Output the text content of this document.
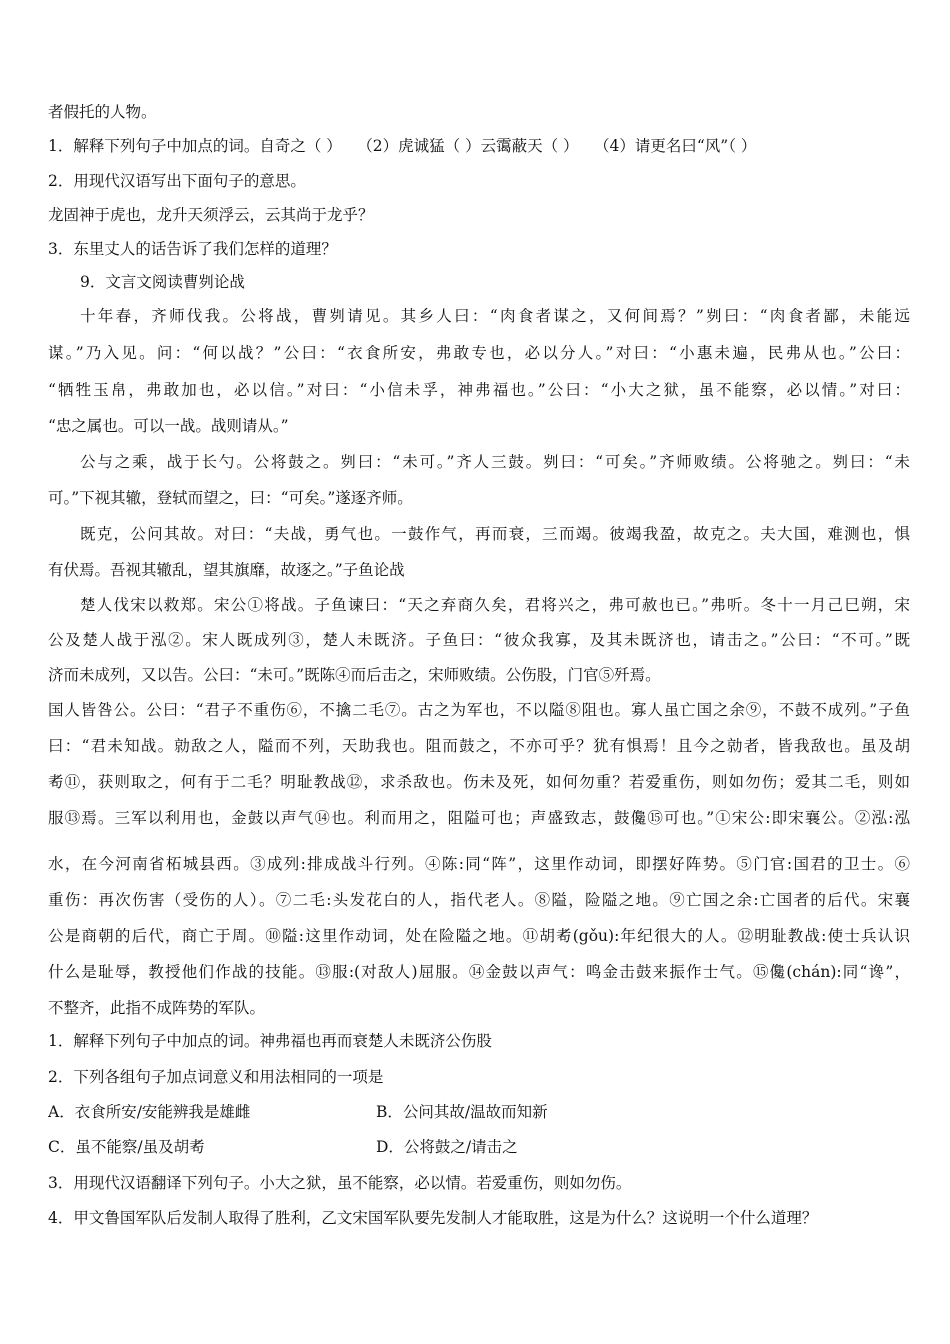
者假托的人物。

1．解释下列句子中加点的词。自奇之（ ）　　（2）虎诚猛（ ）云霭蔽天（ ）　　（4）请更名曰“风”（ ）

2．用现代汉语写出下面句子的意思。

龙固神于虎也，龙升天须浮云，云其尚于龙乎？

3．东里丈人的话告诉了我们怎样的道理？

9．文言文阅读曹刿论战

十年春，齐师伐我。公将战，曹刿请见。其乡人曰：“肉食者谋之，又何间焉？”刿曰：“肉食者鄙，未能远

谋。”乃入见。问：“何以战？”公曰：“衣食所安，弗敢专也，必以分人。”对曰：“小惠未遍，民弗从也。”公曰：

“牺牲玉帛，弗敢加也，必以信。”对曰：“小信未孚，神弗福也。”公曰：“小大之狱，虽不能察，必以情。”对曰：

“忠之属也。可以一战。战则请从。”

公与之乘，战于长勺。公将鼓之。刿曰：“未可。”齐人三鼓。刿曰：“可矣。”齐师败绩。公将驰之。刿曰：“未

可。”下视其辙，登轼而望之，曰：“可矣。”遂逐齐师。

既克，公问其故。对曰：“夫战，勇气也。一鼓作气，再而衰，三而竭。彼竭我盈，故克之。夫大国，难测也，惧

有伏焉。吾视其辙乱，望其旗靡，故逐之。”子鱼论战

楚人伐宋以救郑。宋公①将战。子鱼谏曰：“天之弃商久矣，君将兴之，弗可赦也已。”弗听。冬十一月己巳朔，宋

公及楚人战于泓②。宋人既成列③，楚人未既济。子鱼曰：“彼众我寡，及其未既济也，请击之。”公曰：“不可。”既

济而未成列，又以告。公曰：“未可。”既陈④而后击之，宋师败绩。公伤股，门官⑤歼焉。

国人皆咎公。公曰：“君子不重伤⑥，不擒二毛⑦。古之为军也，不以隘⑧阻也。寡人虽亡国之余⑨，不鼓不成列。”子鱼

曰：“君未知战。勍敌之人，隘而不列，天助我也。阻而鼓之，不亦可乎？犹有惧焉！且今之勍者，皆我敌也。虽及胡

耇⑪，获则取之，何有于二毛？明耻教战⑫，求杀敌也。伤未及死，如何勿重？若爱重伤，则如勿伤；爱其二毛，则如

服⑬焉。三军以利用也，金鼓以声气⑭也。利而用之，阻隘可也；声盛致志，鼓儳⑮可也。”①宋公:即宋襄公。②泓:泓

水，在今河南省柘城县西。③成列:排成战斗行列。④陈:同“阵”，这里作动词，即摆好阵势。⑤门官:国君的卫士。⑥

重伤：再次伤害（受伤的人）。⑦二毛:头发花白的人，指代老人。⑧隘，险隘之地。⑨亡国之余:亡国者的后代。宋襄

公是商朝的后代，商亡于周。⑩隘:这里作动词，处在险隘之地。⑪胡耇(gǒu):年纪很大的人。⑫明耻教战:使士兵认识

什么是耻辱，教授他们作战的技能。⑬服:(对敌人)屈服。⑭金鼓以声气：鸣金击鼓来振作士气。⑮儳(chán):同“谗”，

不整齐，此指不成阵势的军队。

1．解释下列句子中加点的词。神弗福也再而衰楚人未既济公伤股

2．下列各组句子加点词意义和用法相同的一项是

A．衣食所安/安能辨我是雄雌	B．公问其故/温故而知新

C．虽不能察/虽及胡耇	D．公将鼓之/请击之

3．用现代汉语翻译下列句子。小大之狱，虽不能察，必以情。若爱重伤，则如勿伤。

4．甲文鲁国军队后发制人取得了胜利，乙文宋国军队要先发制人才能取胜，这是为什么？这说明一个什么道理？
